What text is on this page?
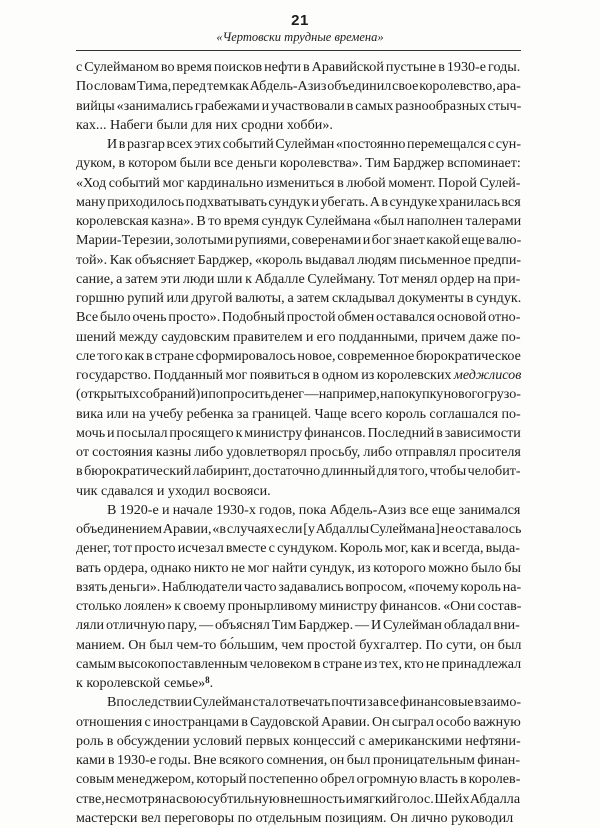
21
«Чертовски трудные времена»

с Сулейманом во время поисков нефти в Аравийской пустыне в 1930-е годы.
По словам Тима, перед тем как Абдель-Азиз объединил свое королевство, ара-
вийцы «занимались грабежами и участвовали в самых разнообразных стыч-
ках... Набеги были для них сродни хобби».

И в разгар всех этих событий Сулейман «постоянно перемещался с сун-
дуком, в котором были все деньги королевства». Тим Барджер вспоминает:
«Ход событий мог кардинально измениться в любой момент. Порой Сулей-
ману приходилось подхватывать сундук и убегать. А в сундуке хранилась вся
королевская казна». В то время сундук Сулеймана «был наполнен талерами
Марии-Терезии, золотыми рупиями, совеpенами и бог знает какой еще валю-
той». Как объясняет Барджер, «король выдавал людям письменное предпи-
сание, а затем эти люди шли к Абдалле Сулейману. Тот менял ордер на при-
горшню рупий или другой валюты, а затем складывал документы в сундук.
Все было очень просто». Подобный простой обмен оставался основой отно-
шений между саудовским правителем и его подданными, причем даже по-
сле того как в стране сформировалось новое, современное бюрократическое
государство. Подданный мог появиться в одном из королевских меджлисов
(открытых собраний) и попросить денег — например, на покупку нового грузо-
вика или на учебу ребенка за границей. Чаще всего король соглашался по-
мочь и посылал просящего к министру финансов. Последний в зависимости
от состояния казны либо удовлетворял просьбу, либо отправлял просителя
в бюрократический лабиринт, достаточно длинный для того, чтобы челобит-
чик сдавался и уходил восвояси.

В 1920-е и начале 1930-х годов, пока Абдель-Азиз все еще занимался
объединением Аравии, «в случаях если [у Абдаллы Сулеймана] не оставалось
денег, тот просто исчезал вместе с сундуком. Король мог, как и всегда, выда-
вать ордера, однако никто не мог найти сундук, из которого можно было бы
взять деньги». Наблюдатели часто задавались вопросом, «почему король на-
столько лоялен» к своему пронырливому министру финансов. «Они состав-
ляли отличную пару, — объяснял Тим Барджер. — И Сулейман обладал вни-
манием. Он был чем-то бо́льшим, чем простой бухгалтер. По сути, он был
самым высокопоставленным человеком в стране из тех, кто не принадлежал
к королевской семье»$^8$.

Впоследствии Сулейман стал отвечать почти за все финансовые взаимо-
отношения с иностранцами в Саудовской Аравии. Он сыграл особо важную
роль в обсуждении условий первых концессий с американскими нефтяни-
ками в 1930-е годы. Вне всякого сомнения, он был проницательным финан-
совым менеджером, который постепенно обрел огромную власть в королев-
стве, несмотря на свою субтильную внешность и мягкий голос. Шейх Абдалла
мастерски вел переговоры по отдельным позициям. Он лично руководил
